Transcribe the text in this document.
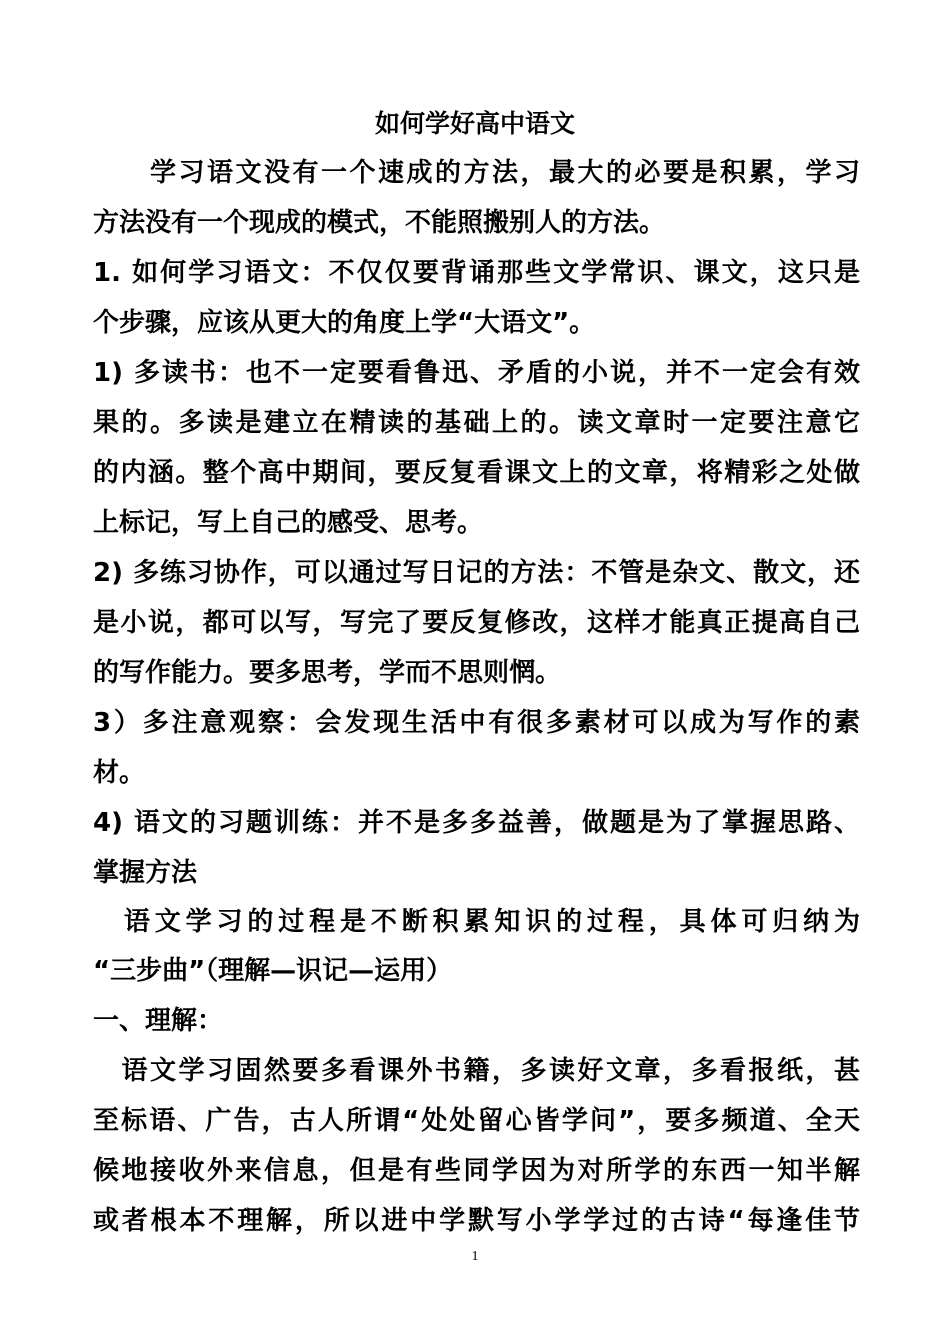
如何学好高中语文
　　学习语文没有一个速成的方法，最大的必要是积累，学习
方法没有一个现成的模式，不能照搬别人的方法。
1. 如何学习语文：不仅仅要背诵那些文学常识、课文，这只是
个步骤，应该从更大的角度上学“大语文”。
1) 多读书：也不一定要看鲁迅、矛盾的小说，并不一定会有效
果的。多读是建立在精读的基础上的。读文章时一定要注意它
的内涵。整个高中期间，要反复看课文上的文章，将精彩之处做
上标记，写上自己的感受、思考。
2) 多练习协作，可以通过写日记的方法：不管是杂文、散文，还
是小说，都可以写，写完了要反复修改，这样才能真正提高自己
的写作能力。要多思考，学而不思则惘。
3）多注意观察：会发现生活中有很多素材可以成为写作的素
材。
4) 语文的习题训练：并不是多多益善，做题是为了掌握思路、
掌握方法
　语文学习的过程是不断积累知识的过程，具体可归纳为
“三步曲”（理解—识记—运用）
一、理解：
　语文学习固然要多看课外书籍，多读好文章，多看报纸，甚
至标语、广告，古人所谓“处处留心皆学问”，要多频道、全天
候地接收外来信息，但是有些同学因为对所学的东西一知半解
或者根本不理解，所以进中学默写小学学过的古诗“每逢佳节
1
